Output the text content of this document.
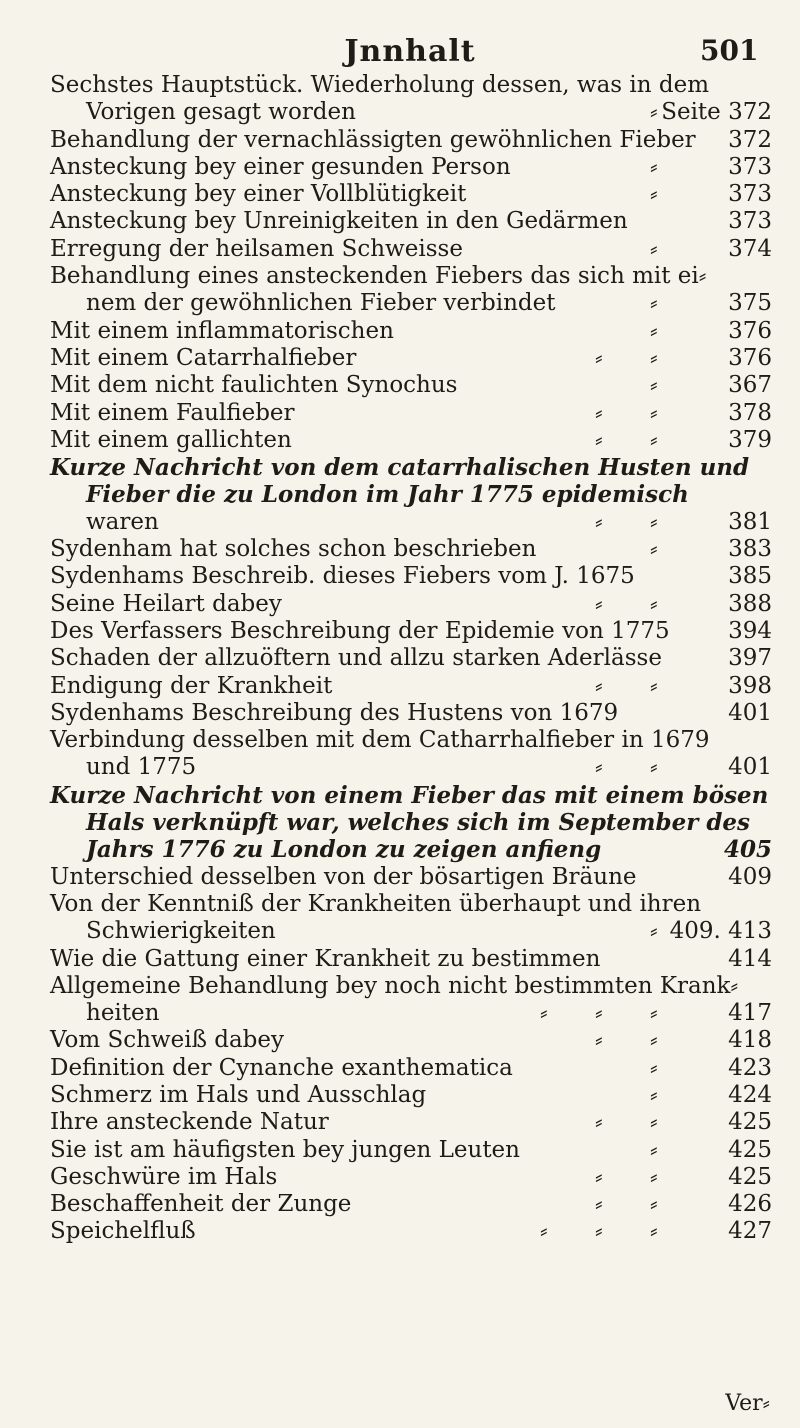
Jnnhalt	501
Sechstes Hauptstück. Wiederholung dessen, was in dem
Vorigen gesagt worden	⸗ Seite 372
Behandlung der vernachlässigten gewöhnlichen Fieber 372
Ansteckung bey einer gesunden Person	⸗	373
Ansteckung bey einer Vollblütigkeit	⸗	373
Ansteckung bey Unreinigkeiten in den Gedärmen	373
Erregung der heilsamen Schweisse	⸗	374
Behandlung eines ansteckenden Fiebers das sich mit ei⸗
nem der gewöhnlichen Fieber verbindet	⸗	375
Mit einem inflammatorischen	⸗	376
Mit einem Catarrhalfieber	⸗ ⸗	376
Mit dem nicht faulichten Synochus	⸗	367
Mit einem Faulfieber	⸗ ⸗	378
Mit einem gallichten	⸗ ⸗	379
Kurze Nachricht von dem catarrhalischen Husten und
Fieber die zu London im Jahr 1775 epidemisch
waren	⸗ ⸗	381
Sydenham hat solches schon beschrieben	⸗	383
Sydenhams Beschreib. dieses Fiebers vom J. 1675	385
Seine Heilart dabey	⸗ ⸗	388
Des Verfassers Beschreibung der Epidemie von 1775	394
Schaden der allzuöftern und allzu starken Aderlässe	397
Endigung der Krankheit	⸗ ⸗	398
Sydenhams Beschreibung des Hustens von 1679	401
Verbindung desselben mit dem Catharrhalfieber in 1679
und 1775	⸗ ⸗	401
Kurze Nachricht von einem Fieber das mit einem bösen
Hals verknüpft war, welches sich im September des
Jahrs 1776 zu London zu zeigen anfieng	405
Unterschied desselben von der bösartigen Bräune	409
Von der Kenntniß der Krankheiten überhaupt und ihren
Schwierigkeiten	⸗ 409. 413
Wie die Gattung einer Krankheit zu bestimmen	414
Allgemeine Behandlung bey noch nicht bestimmten Krank⸗
heiten	⸗ ⸗ ⸗	417
Vom Schweiß dabey	⸗ ⸗	418
Definition der Cynanche exanthematica	⸗	423
Schmerz im Hals und Ausschlag	⸗	424
Ihre ansteckende Natur	⸗ ⸗	425
Sie ist am häufigsten bey jungen Leuten	⸗	425
Geschwüre im Hals	⸗ ⸗	425
Beschaffenheit der Zunge	⸗ ⸗	426
Speichelfluß	⸗ ⸗ ⸗	427
Ver⸗
